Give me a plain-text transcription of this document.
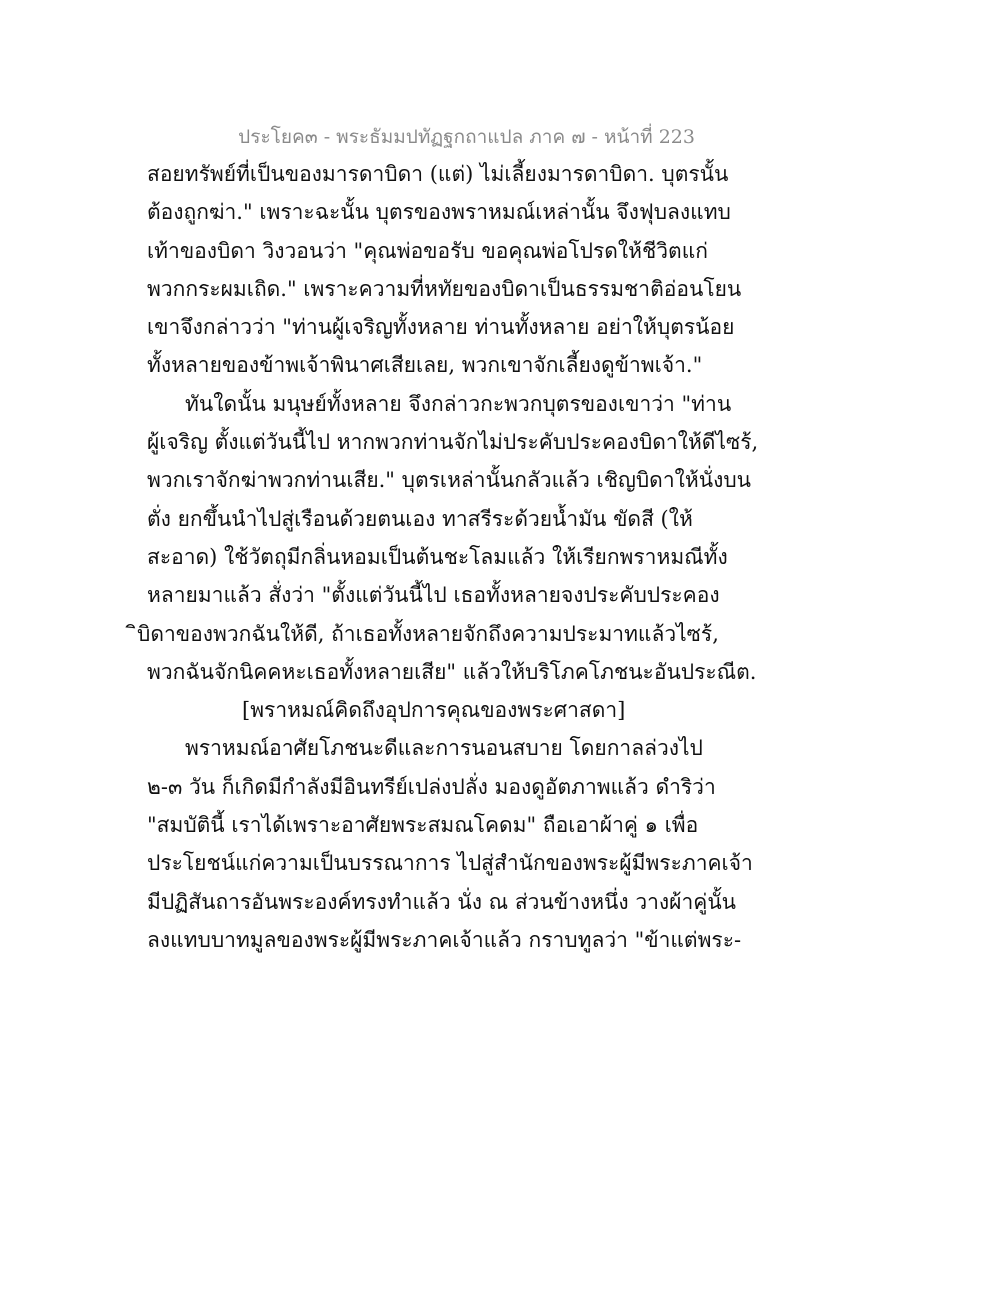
ประโยค๓ - พระธัมมปทัฏฐกถาแปล ภาค ๗ - หน้าที่ 223
สอยทรัพย์ที่เป็นของมารดาบิดา (แต่) ไม่เลี้ยงมารดาบิดา. บุตรนั้น
ต้องถูกฆ่า." เพราะฉะนั้น บุตรของพราหมณ์เหล่านั้น จึงฟุบลงแทบ
เท้าของบิดา วิงวอนว่า "คุณพ่อขอรับ ขอคุณพ่อโปรดให้ชีวิตแก่
พวกกระผมเถิด." เพราะความที่หทัยของบิดาเป็นธรรมชาติอ่อนโยน
เขาจึงกล่าวว่า "ท่านผู้เจริญทั้งหลาย ท่านทั้งหลาย อย่าให้บุตรน้อย
ทั้งหลายของข้าพเจ้าพินาศเสียเลย, พวกเขาจักเลี้ยงดูข้าพเจ้า."
ทันใดนั้น มนุษย์ทั้งหลาย จึงกล่าวกะพวกบุตรของเขาว่า "ท่าน
ผู้เจริญ ตั้งแต่วันนี้ไป หากพวกท่านจักไม่ประคับประคองบิดาให้ดีไซร้,
พวกเราจักฆ่าพวกท่านเสีย." บุตรเหล่านั้นกลัวแล้ว เชิญบิดาให้นั่งบน
ตั่ง ยกขึ้นนำไปสู่เรือนด้วยตนเอง ทาสรีระด้วยน้ำมัน ขัดสี (ให้
สะอาด) ใช้วัตถุมีกลิ่นหอมเป็นต้นชะโลมแล้ว ให้เรียกพราหมณีทั้ง
หลายมาแล้ว สั่งว่า "ตั้งแต่วันนี้ไป เธอทั้งหลายจงประคับประคอง
ิบิดาของพวกฉันให้ดี, ถ้าเธอทั้งหลายจักถึงความประมาทแล้วไซร้,
พวกฉันจักนิคคหะเธอทั้งหลายเสีย" แล้วให้บริโภคโภชนะอันประณีต.
[พราหมณ์คิดถึงอุปการคุณของพระศาสดา]
พราหมณ์อาศัยโภชนะดีและการนอนสบาย โดยกาลล่วงไป
๒-๓ วัน ก็เกิดมีกำลังมีอินทรีย์เปล่งปลั่ง มองดูอัตภาพแล้ว ดำริว่า
"สมบัตินี้ เราได้เพราะอาศัยพระสมณโคดม" ถือเอาผ้าคู่ ๑ เพื่อ
ประโยชน์แก่ความเป็นบรรณาการ ไปสู่สำนักของพระผู้มีพระภาคเจ้า
มีปฏิสันถารอันพระองค์ทรงทำแล้ว นั่ง ณ ส่วนข้างหนึ่ง วางผ้าคู่นั้น
ลงแทบบาทมูลของพระผู้มีพระภาคเจ้าแล้ว กราบทูลว่า "ข้าแต่พระ-
